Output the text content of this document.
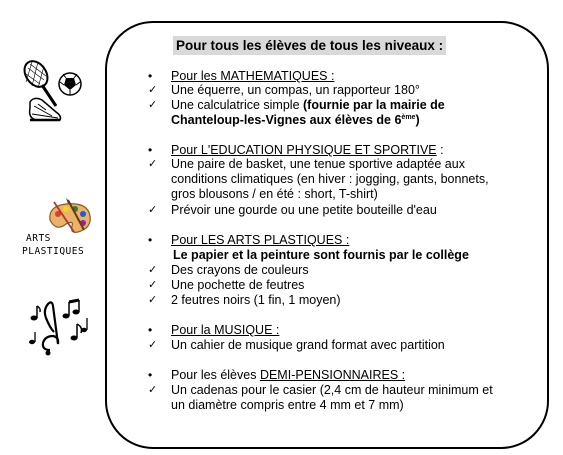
Pour tous les élèves de tous les niveaux :
• Pour les MATHEMATIQUES :
✓ Une équerre, un compas, un rapporteur 180°
✓ Une calculatrice simple (fournie par la mairie de
Chanteloup-les-Vignes aux élèves de 6ème)
• Pour L'EDUCATION PHYSIQUE ET SPORTIVE :
✓ Une paire de basket, une tenue sportive adaptée aux
conditions climatiques (en hiver : jogging, gants, bonnets,
gros blousons / en été : short, T-shirt)
✓ Prévoir une gourde ou une petite bouteille d'eau
• Pour LES ARTS PLASTIQUES :
Le papier et la peinture sont fournis par le collège
✓ Des crayons de couleurs
✓ Une pochette de feutres
✓ 2 feutres noirs (1 fin, 1 moyen)
• Pour la MUSIQUE :
✓ Un cahier de musique grand format avec partition
• Pour les élèves DEMI-PENSIONNAIRES :
✓ Un cadenas pour le casier (2,4 cm de hauteur minimum et
un diamètre compris entre 4 mm et 7 mm)
ARTS
PLASTIQUES
